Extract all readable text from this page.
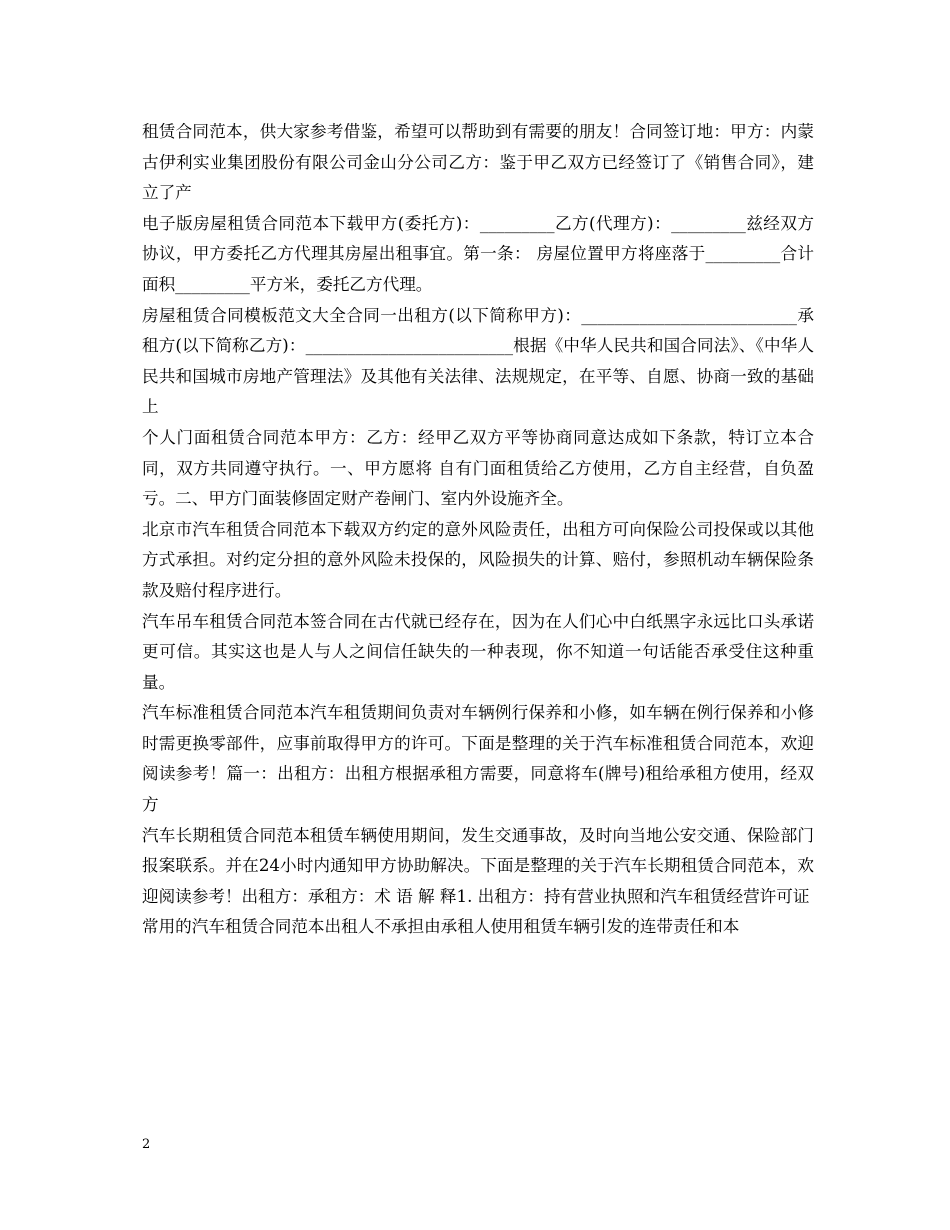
租赁合同范本，供大家参考借鉴，希望可以帮助到有需要的朋友！合同签订地：甲方：内蒙古伊利实业集团股份有限公司金山分公司乙方：鉴于甲乙双方已经签订了《销售合同》，建立了产

电子版房屋租赁合同范本下载甲方(委托方)：_________乙方(代理方)：_________兹经双方协议，甲方委托乙方代理其房屋出租事宜。第一条： 房屋位置甲方将座落于_________合计面积_________平方米，委托乙方代理。

房屋租赁合同模板范文大全合同一出租方(以下简称甲方)：__________________________承租方(以下简称乙方)：_________________________根据《中华人民共和国合同法》、《中华人民共和国城市房地产管理法》及其他有关法律、法规规定，在平等、自愿、协商一致的基础上

个人门面租赁合同范本甲方：乙方：经甲乙双方平等协商同意达成如下条款，特订立本合同，双方共同遵守执行。一、甲方愿将 自有门面租赁给乙方使用，乙方自主经营，自负盈亏。二、甲方门面装修固定财产卷闸门、室内外设施齐全。

北京市汽车租赁合同范本下载双方约定的意外风险责任，出租方可向保险公司投保或以其他方式承担。对约定分担的意外风险未投保的，风险损失的计算、赔付，参照机动车辆保险条款及赔付程序进行。

汽车吊车租赁合同范本签合同在古代就已经存在，因为在人们心中白纸黑字永远比口头承诺更可信。其实这也是人与人之间信任缺失的一种表现，你不知道一句话能否承受住这种重量。

汽车标准租赁合同范本汽车租赁期间负责对车辆例行保养和小修，如车辆在例行保养和小修时需更换零部件，应事前取得甲方的许可。下面是整理的关于汽车标准租赁合同范本，欢迎阅读参考！篇一：出租方：出租方根据承租方需要，同意将车(牌号)租给承租方使用，经双方

汽车长期租赁合同范本租赁车辆使用期间，发生交通事故，及时向当地公安交通、保险部门报案联系。并在24小时内通知甲方协助解决。下面是整理的关于汽车长期租赁合同范本，欢迎阅读参考！出租方：承租方：术 语 解 释1. 出租方：持有营业执照和汽车租赁经营许可证

常用的汽车租赁合同范本出租人不承担由承租人使用租赁车辆引发的连带责任和本

2
